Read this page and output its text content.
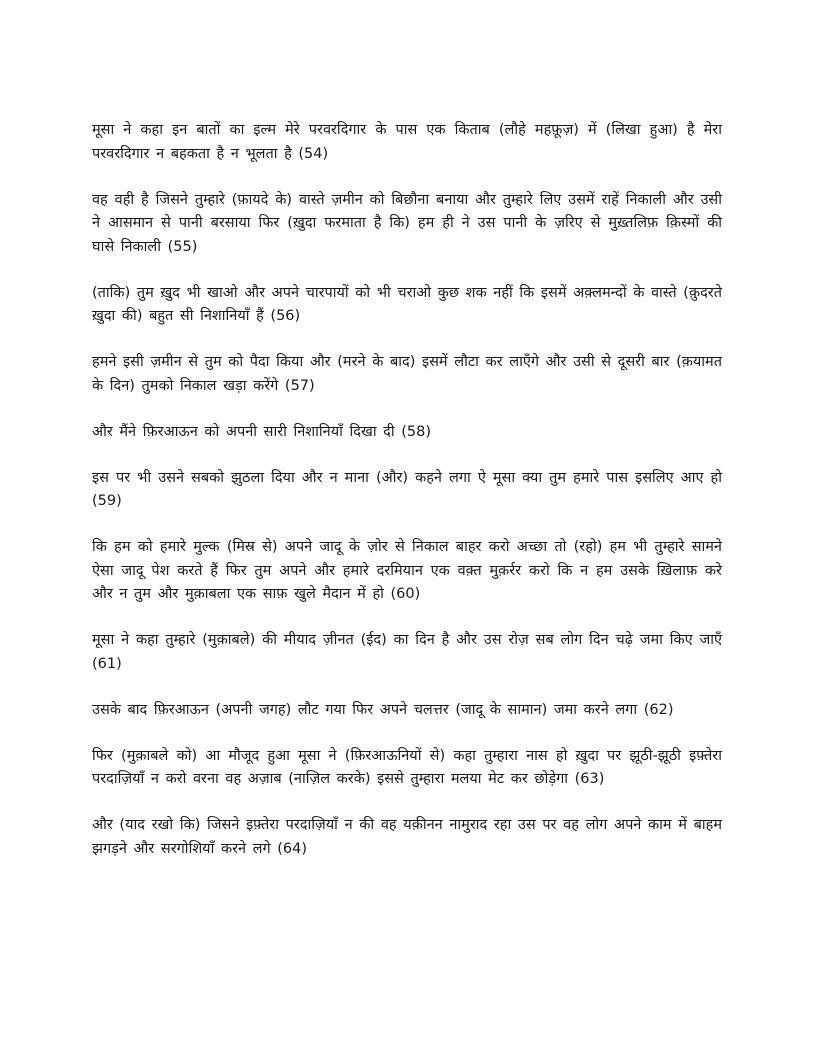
मूसा ने कहा इन बातों का इल्म मेरे परवरदिगार के पास एक किताब (लौहे महफ़ूज़) में (लिखा हुआ) है मेरा परवरदिगार न बहकता है न भूलता है (54)

वह वही है जिसने तुम्हारे (फ़ायदे के) वास्ते ज़मीन को बिछौना बनाया और तुम्हारे लिए उसमें राहें निकाली और उसी ने आसमान से पानी बरसाया फिर (ख़ुदा फरमाता है कि) हम ही ने उस पानी के ज़रिए से मुख़्तलिफ़ क़िस्मों की घासे निकाली (55)

(ताकि) तुम ख़ुद भी खाओ और अपने चारपायों को भी चराओ कुछ शक नहीं कि इसमें अक़्लमन्दों के वास्ते (क़ुदरते ख़ुदा की) बहुत सी निशानियाँ हैं (56)

हमने इसी ज़मीन से तुम को पैदा किया और (मरने के बाद) इसमें लौटा कर लाएँगे और उसी से दूसरी बार (क़यामत के दिन) तुमको निकाल खड़ा करेंगे (57)

और मैंने फ़िरआऊन को अपनी सारी निशानियाँ दिखा दी (58)

इस पर भी उसने सबको झुठला दिया और न माना (और) कहने लगा ऐ मूसा क्या तुम हमारे पास इसलिए आए हो (59)

कि हम को हमारे मुल्क (मिस्र से) अपने जादू के ज़ोर से निकाल बाहर करो अच्छा तो (रहो) हम भी तुम्हारे सामने ऐसा जादू पेश करते हैं फिर तुम अपने और हमारे दरमियान एक वक़्त मुक़र्रर करो कि न हम उसके ख़िलाफ़ करे और न तुम और मुक़ाबला एक साफ़ खुले मैदान में हो (60)

मूसा ने कहा तुम्हारे (मुक़ाबले) की मीयाद ज़ीनत (ईद) का दिन है और उस रोज़ सब लोग दिन चढ़े जमा किए जाएँ (61)

उसके बाद फ़िरआऊन (अपनी जगह) लौट गया फिर अपने चलत्तर (जादू के सामान) जमा करने लगा (62)

फिर (मुक़ाबले को) आ मौजूद हुआ मूसा ने (फ़िरआऊनियों से) कहा तुम्हारा नास हो ख़ुदा पर झूठी-झूठी इफ़्तेरा परदाज़ियाँ न करो वरना वह अज़ाब (नाज़िल करके) इससे तुम्हारा मलया मेट कर छोड़ेगा (63)

और (याद रखो कि) जिसने इफ़्तेरा परदाज़ियाँ न की वह यक़ीनन नामुराद रहा उस पर वह लोग अपने काम में बाहम झगड़ने और सरगोशियाँ करने लगे (64)
